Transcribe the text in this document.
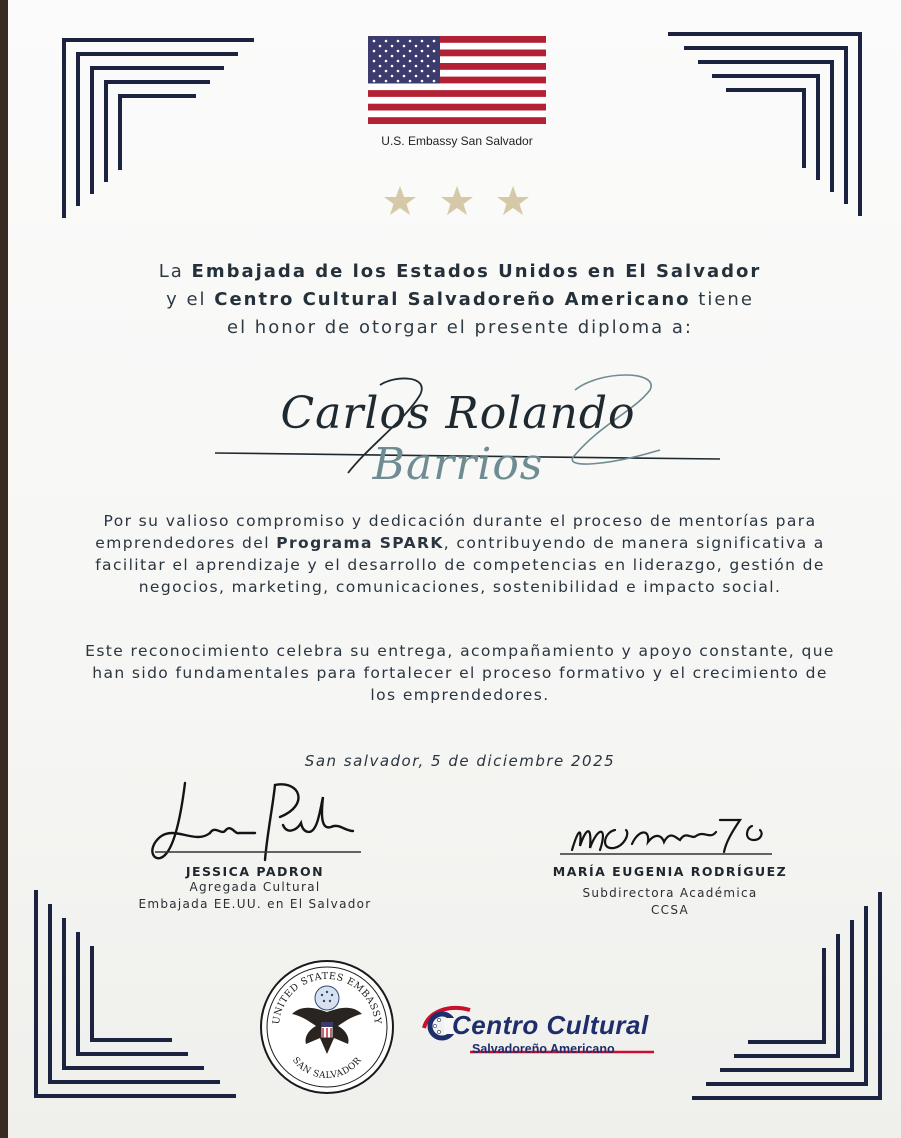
U.S. Embassy San Salvador
La Embajada de los Estados Unidos en El Salvador
y el Centro Cultural Salvadoreño Americano tiene
el honor de otorgar el presente diploma a:
Carlos Rolando Barrios
Por su valioso compromiso y dedicación durante el proceso de mentorías para emprendedores del Programa SPARK, contribuyendo de manera significativa a facilitar el aprendizaje y el desarrollo de competencias en liderazgo, gestión de negocios, marketing, comunicaciones, sostenibilidad e impacto social.
Este reconocimiento celebra su entrega, acompañamiento y apoyo constante, que han sido fundamentales para fortalecer el proceso formativo y el crecimiento de los emprendedores.
San salvador, 5 de diciembre 2025
JESSICA PADRON
Agregada Cultural
Embajada EE.UU. en El Salvador
MARÍA EUGENIA RODRÍGUEZ
Subdirectora Académica
CCSA
UNITED STATES EMBASSY
SAN SALVADOR
Centro Cultural
Salvadoreño Americano
